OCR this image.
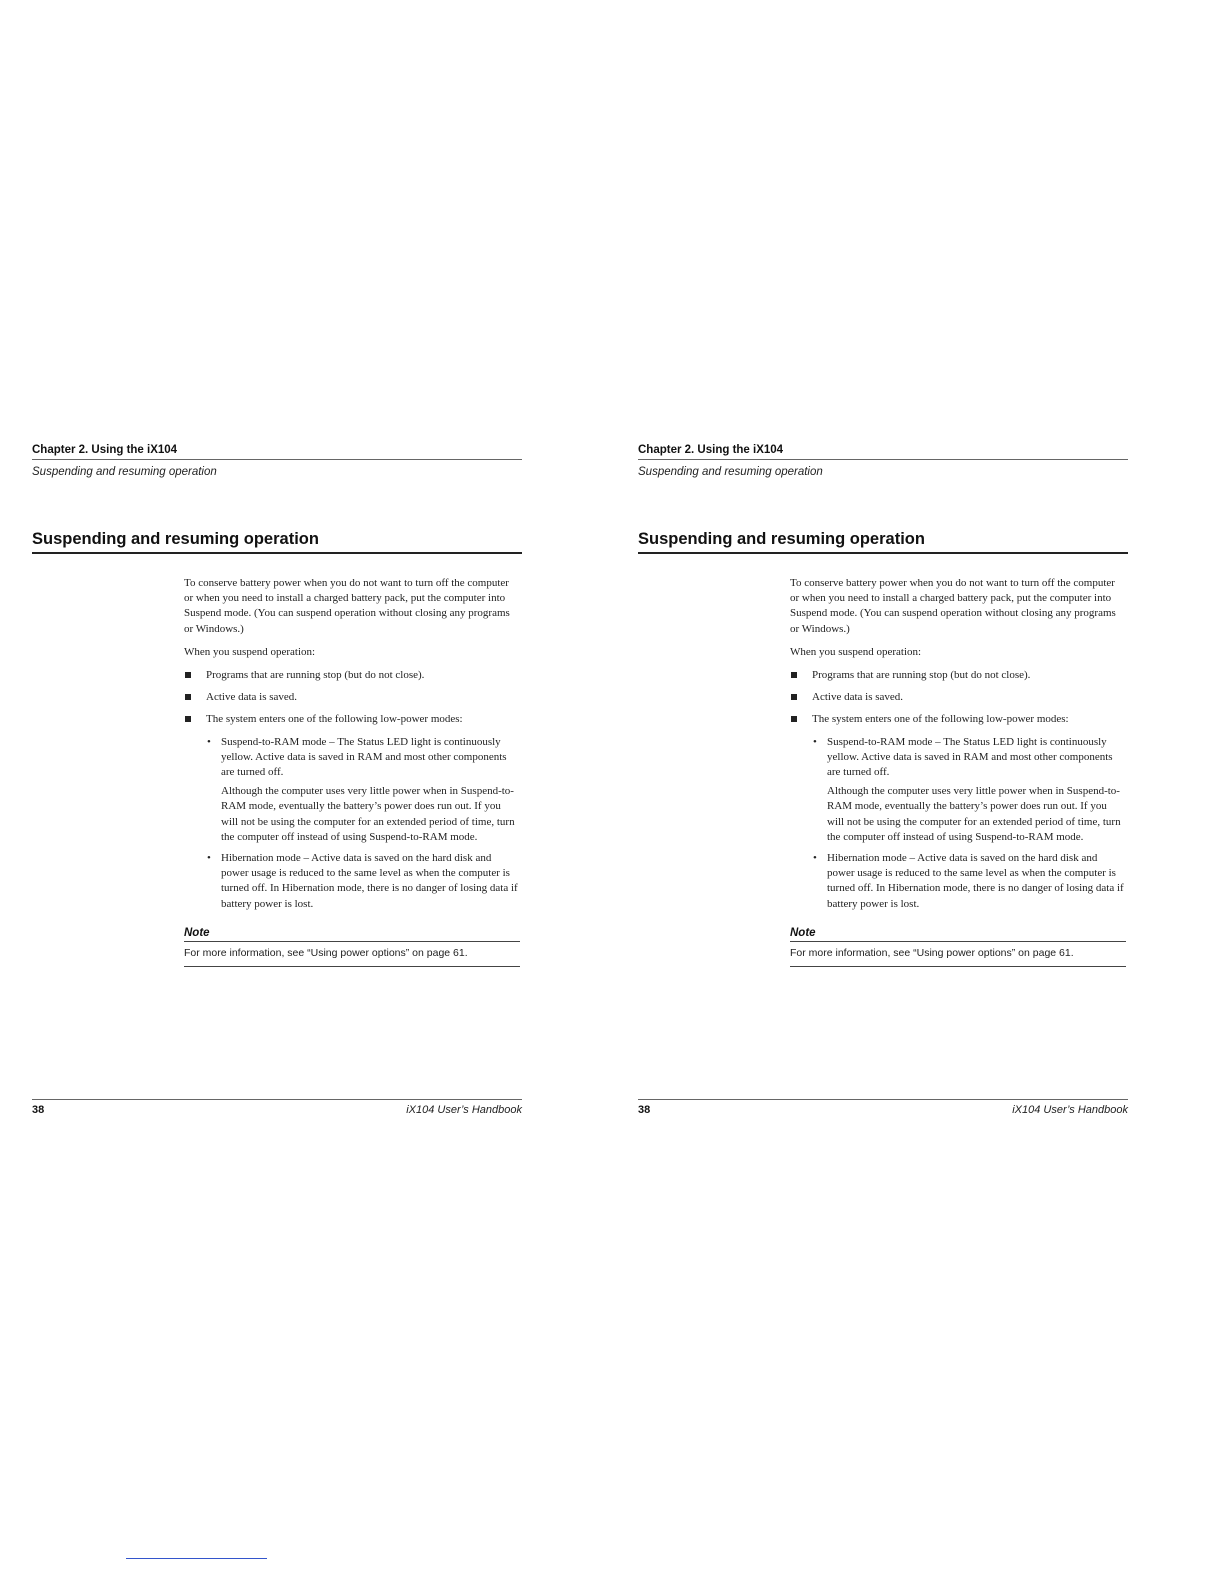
Chapter 2. Using the iX104
Suspending and resuming operation
Suspending and resuming operation

To conserve battery power when you do not want to turn off the computer or when you need to install a charged battery pack, put the computer into Suspend mode. (You can suspend operation without closing any programs or Windows.)

When you suspend operation:

Programs that are running stop (but do not close).
Active data is saved.
The system enters one of the following low-power modes:
• Suspend-to-RAM mode – The Status LED light is continuously yellow. Active data is saved in RAM and most other components are turned off.
Although the computer uses very little power when in Suspend-to-RAM mode, eventually the battery’s power does run out. If you will not be using the computer for an extended period of time, turn the computer off instead of using Suspend-to-RAM mode.
• Hibernation mode – Active data is saved on the hard disk and power usage is reduced to the same level as when the computer is turned off. In Hibernation mode, there is no danger of losing data if battery power is lost.
Note
For more information, see “Using power options” on page 61.
38	iX104 User’s Handbook
Chapter 2. Using the iX104
Suspending and resuming operation
Suspending and resuming operation

To conserve battery power when you do not want to turn off the computer or when you need to install a charged battery pack, put the computer into Suspend mode. (You can suspend operation without closing any programs or Windows.)

When you suspend operation:

Programs that are running stop (but do not close).
Active data is saved.
The system enters one of the following low-power modes:
• Suspend-to-RAM mode – The Status LED light is continuously yellow. Active data is saved in RAM and most other components are turned off.
Although the computer uses very little power when in Suspend-to-RAM mode, eventually the battery’s power does run out. If you will not be using the computer for an extended period of time, turn the computer off instead of using Suspend-to-RAM mode.
• Hibernation mode – Active data is saved on the hard disk and power usage is reduced to the same level as when the computer is turned off. In Hibernation mode, there is no danger of losing data if battery power is lost.
Note
For more information, see “Using power options” on page 61.
38	iX104 User’s Handbook
